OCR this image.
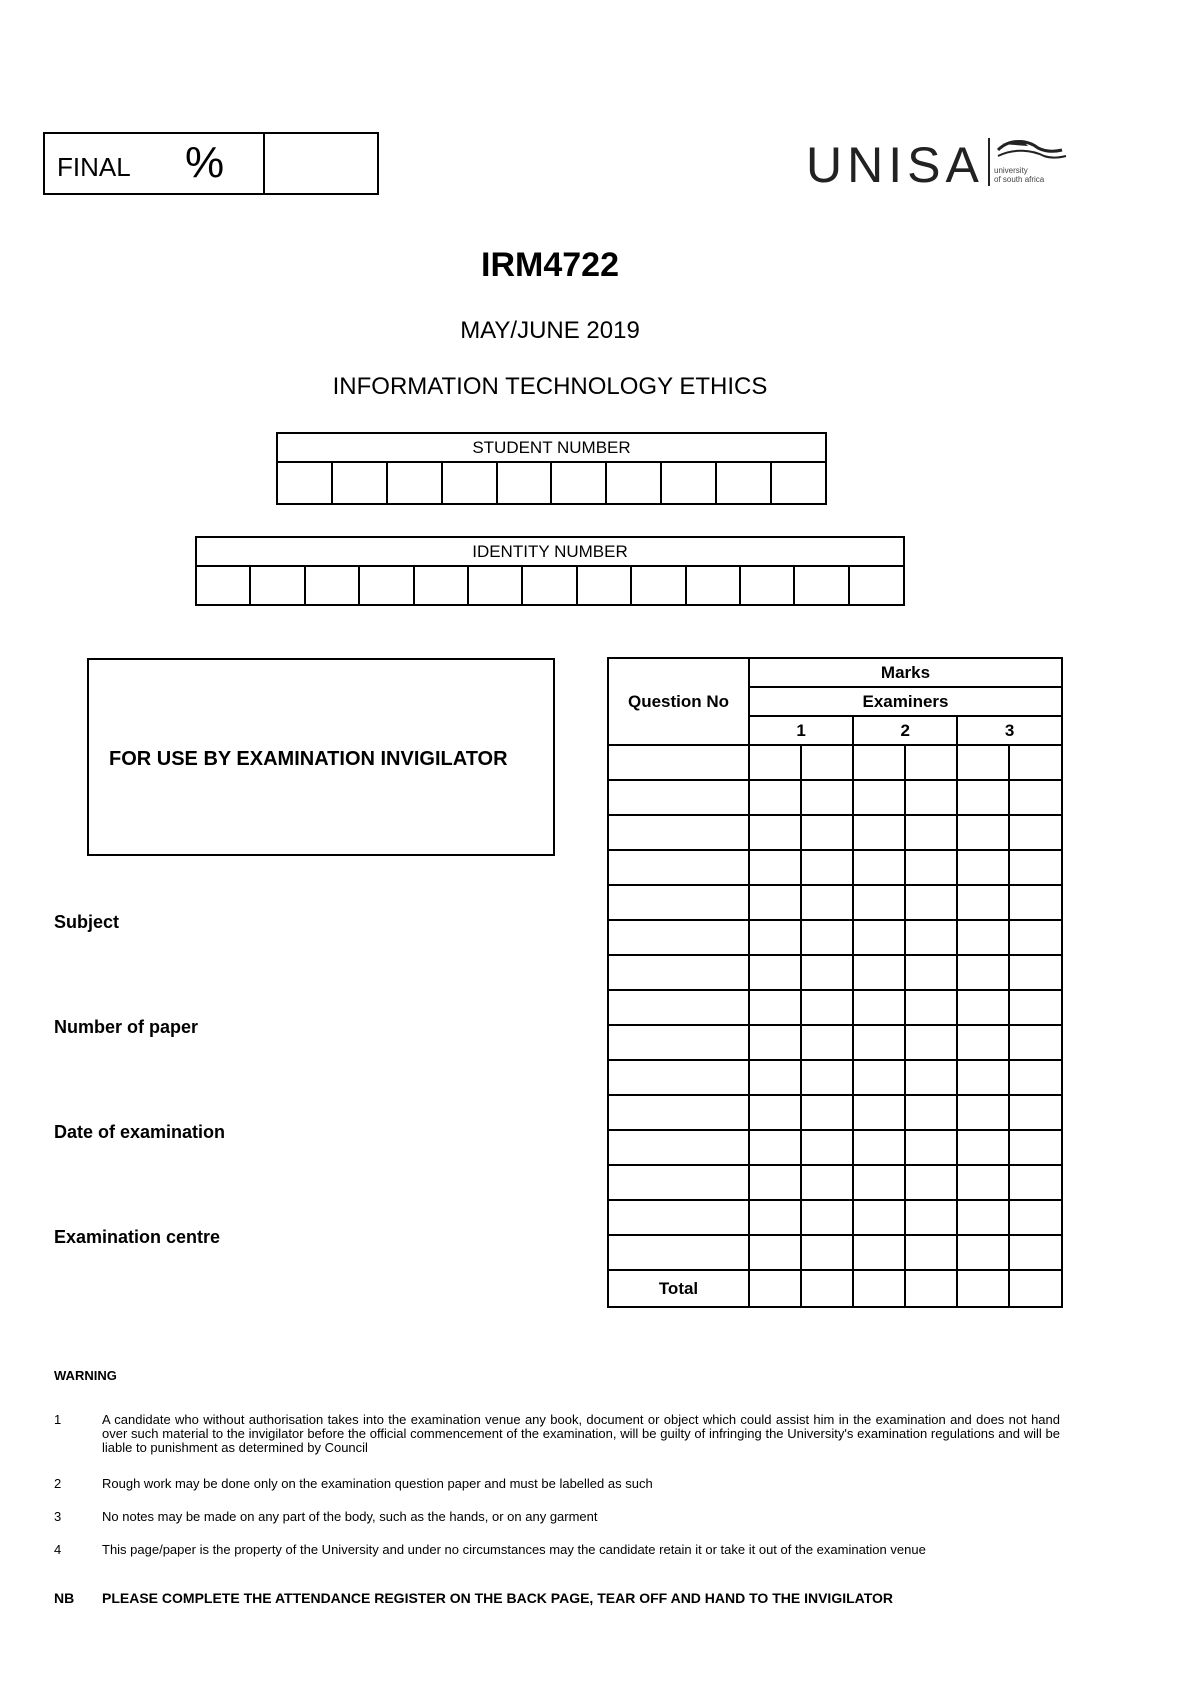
FINAL %	UNISA university
of south africa
IRM4722
MAY/JUNE 2019
INFORMATION TECHNOLOGY ETHICS
STUDENT NUMBER

IDENTITY NUMBER

FOR USE BY EXAMINATION INVIGILATOR
Subject
Number of paper
Date of examination
Examination centre
Question No	Marks					
	Examiners					
	1		2		3	

Total						
WARNING
1	A candidate who without authorisation takes into the examination venue any book, document or object which could assist him in the examination and does not hand over such material to the invigilator before the official commencement of the examination, will be guilty of infringing the University's examination regulations and will be liable to punishment as determined by Council
2	Rough work may be done only on the examination question paper and must be labelled as such
3	No notes may be made on any part of the body, such as the hands, or on any garment
4	This page/paper is the property of the University and under no circumstances may the candidate retain it or take it out of the examination venue
NB	PLEASE COMPLETE THE ATTENDANCE REGISTER ON THE BACK PAGE, TEAR OFF AND HAND TO THE INVIGILATOR
